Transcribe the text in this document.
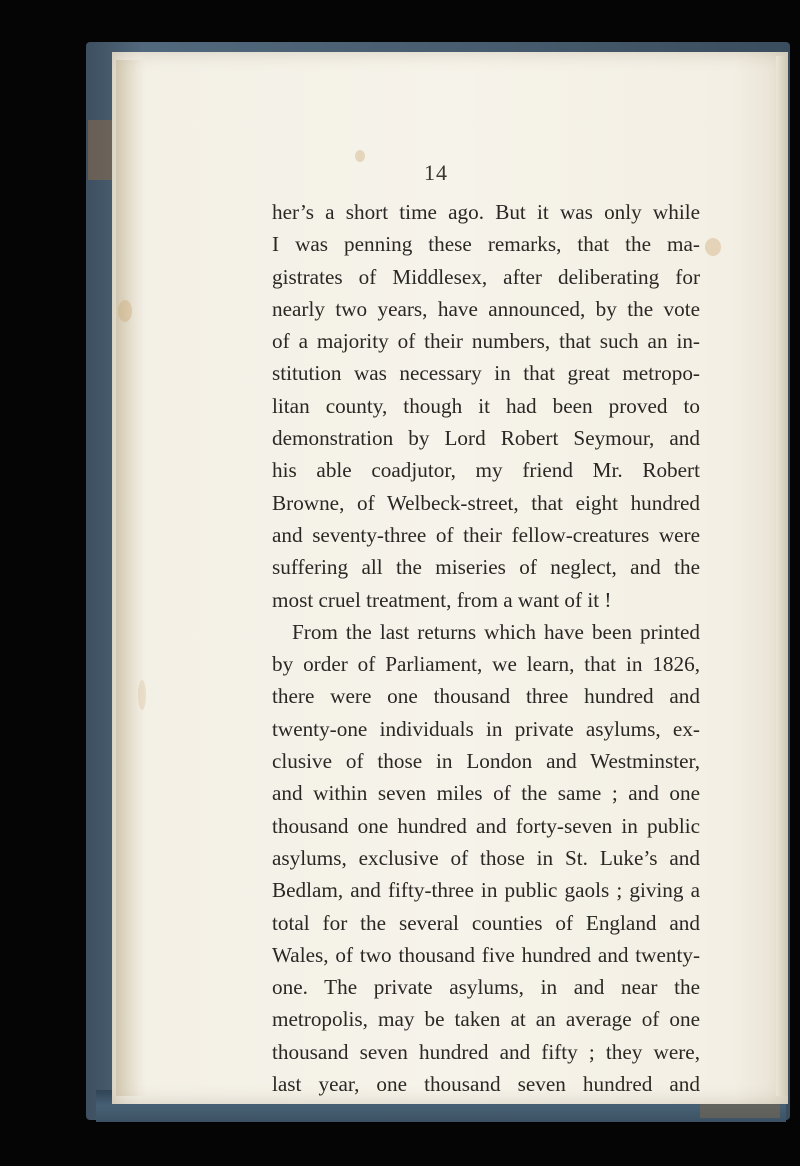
14
her’s a short time ago. But it was only while
I was penning these remarks, that the ma-
gistrates of Middlesex, after deliberating for
nearly two years, have announced, by the vote
of a majority of their numbers, that such an in-
stitution was necessary in that great metropo-
litan county, though it had been proved to
demonstration by Lord Robert Seymour, and
his able coadjutor, my friend Mr. Robert
Browne, of Welbeck-street, that eight hundred
and seventy-three of their fellow-creatures were
suffering all the miseries of neglect, and the
most cruel treatment, from a want of it !
From the last returns which have been printed
by order of Parliament, we learn, that in 1826,
there were one thousand three hundred and
twenty-one individuals in private asylums, ex-
clusive of those in London and Westminster,
and within seven miles of the same ; and one
thousand one hundred and forty-seven in public
asylums, exclusive of those in St. Luke’s and
Bedlam, and fifty-three in public gaols ; giving a
total for the several counties of England and
Wales, of two thousand five hundred and twenty-
one. The private asylums, in and near the
metropolis, may be taken at an average of one
thousand seven hundred and fifty ; they were,
last year, one thousand seven hundred and
